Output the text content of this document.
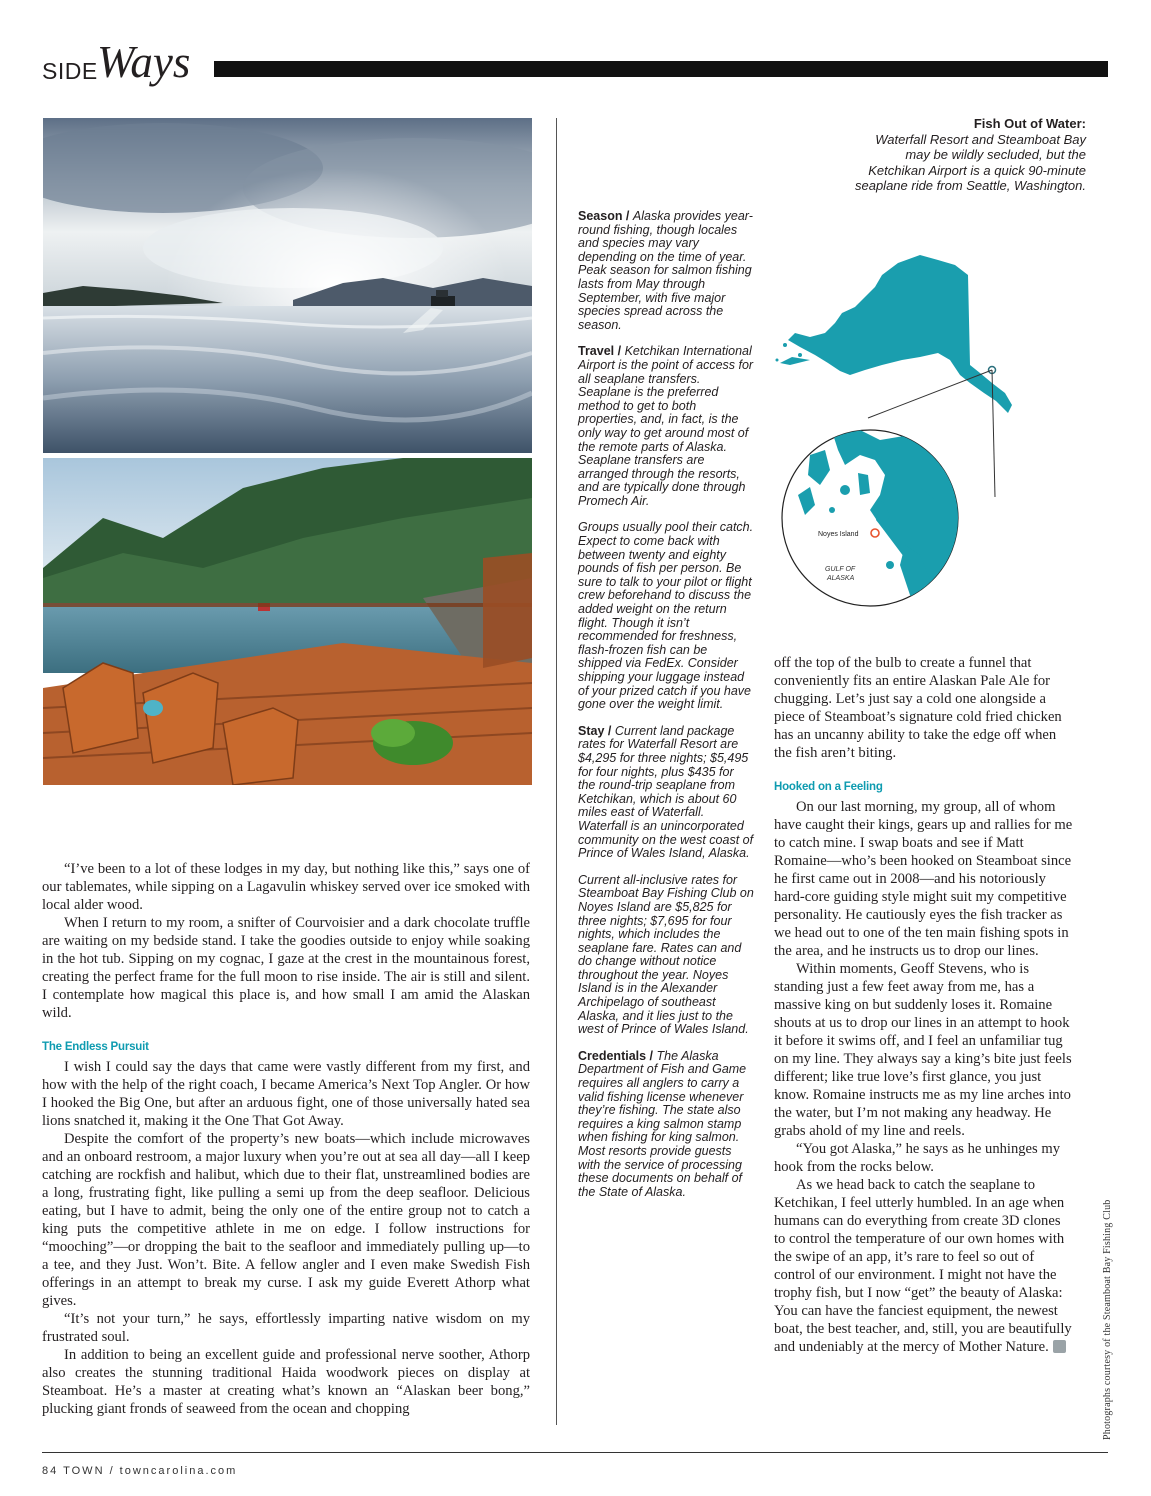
SIDE Ways

“I’ve been to a lot of these lodges in my day, but nothing like this,” says one of our tablemates, while sipping on a Lagavulin whiskey served over ice smoked with local alder wood.

When I return to my room, a snifter of Courvoisier and a dark chocolate truffle are waiting on my bedside stand. I take the goodies outside to enjoy while soaking in the hot tub. Sipping on my cognac, I gaze at the crest in the mountainous forest, creating the perfect frame for the full moon to rise inside. The air is still and silent. I contemplate how magical this place is, and how small I am amid the Alaskan wild.

The Endless Pursuit

I wish I could say the days that came were vastly different from my first, and how with the help of the right coach, I became America’s Next Top Angler. Or how I hooked the Big One, but after an arduous fight, one of those universally hated sea lions snatched it, making it the One That Got Away.

Despite the comfort of the property’s new boats—which include microwaves and an onboard restroom, a major luxury when you’re out at sea all day—all I keep catching are rockfish and halibut, which due to their flat, unstreamlined bodies are a long, frustrating fight, like pulling a semi up from the deep seafloor. Delicious eating, but I have to admit, being the only one of the entire group not to catch a king puts the competitive athlete in me on edge. I follow instructions for “mooching”—or dropping the bait to the seafloor and immediately pulling up—to a tee, and they Just. Won’t. Bite. A fellow angler and I even make Swedish Fish offerings in an attempt to break my curse. I ask my guide Everett Athorp what gives.

“It’s not your turn,” he says, effortlessly imparting native wisdom on my frustrated soul.

In addition to being an excellent guide and professional nerve soother, Athorp also creates the stunning traditional Haida woodwork pieces on display at Steamboat. He’s a master at creating what’s known an “Alaskan beer bong,” plucking giant fronds of seaweed from the ocean and chopping

Season / Alaska provides year-round fishing, though locales and species may vary depending on the time of year. Peak season for salmon fishing lasts from May through September, with five major species spread across the season.

Travel / Ketchikan International Airport is the point of access for all seaplane transfers. Seaplane is the preferred method to get to both properties, and, in fact, is the only way to get around most of the remote parts of Alaska. Seaplane transfers are arranged through the resorts, and are typically done through Promech Air.

Groups usually pool their catch. Expect to come back with between twenty and eighty pounds of fish per person. Be sure to talk to your pilot or flight crew beforehand to discuss the added weight on the return flight. Though it isn’t recommended for freshness, flash-frozen fish can be shipped via FedEx. Consider shipping your luggage instead of your prized catch if you have gone over the weight limit.

Stay / Current land package rates for Waterfall Resort are $4,295 for three nights; $5,495 for four nights, plus $435 for the round-trip seaplane from Ketchikan, which is about 60 miles east of Waterfall. Waterfall is an unincorporated community on the west coast of Prince of Wales Island, Alaska.

Current all-inclusive rates for Steamboat Bay Fishing Club on Noyes Island are $5,825 for three nights; $7,695 for four nights, which includes the seaplane fare. Rates can and do change without notice throughout the year. Noyes Island is in the Alexander Archipelago of southeast Alaska, and it lies just to the west of Prince of Wales Island.

Credentials / The Alaska Department of Fish and Game requires all anglers to carry a valid fishing license whenever they’re fishing. The state also requires a king salmon stamp when fishing for king salmon. Most resorts provide guests with the service of processing these documents on behalf of the State of Alaska.

Fish Out of Water:
Waterfall Resort and Steamboat Bay may be wildly secluded, but the Ketchikan Airport is a quick 90-minute seaplane ride from Seattle, Washington.
Noyes Island
GULF OF
ALASKA

off the top of the bulb to create a funnel that conveniently fits an entire Alaskan Pale Ale for chugging. Let’s just say a cold one alongside a piece of Steamboat’s signature cold fried chicken has an uncanny ability to take the edge off when the fish aren’t biting.

Hooked on a Feeling

On our last morning, my group, all of whom have caught their kings, gears up and rallies for me to catch mine. I swap boats and see if Matt Romaine—who’s been hooked on Steamboat since he first came out in 2008—and his notoriously hard-core guiding style might suit my competitive personality. He cautiously eyes the fish tracker as we head out to one of the ten main fishing spots in the area, and he instructs us to drop our lines.

Within moments, Geoff Stevens, who is standing just a few feet away from me, has a massive king on but suddenly loses it. Romaine shouts at us to drop our lines in an attempt to hook it before it swims off, and I feel an unfamiliar tug on my line. They always say a king’s bite just feels different; like true love’s first glance, you just know. Romaine instructs me as my line arches into the water, but I’m not making any headway. He grabs ahold of my line and reels.

“You got Alaska,” he says as he unhinges my hook from the rocks below.

As we head back to catch the seaplane to Ketchikan, I feel utterly humbled. In an age when humans can do everything from create 3D clones to control the temperature of our own homes with the swipe of an app, it’s rare to feel so out of control of our environment. I might not have the trophy fish, but I now “get” the beauty of Alaska: You can have the fanciest equipment, the newest boat, the best teacher, and, still, you are beautifully and undeniably at the mercy of Mother Nature.	Photographs courtesy of the Steamboat Bay Fishing Club
84 TOWN / towncarolina.com
